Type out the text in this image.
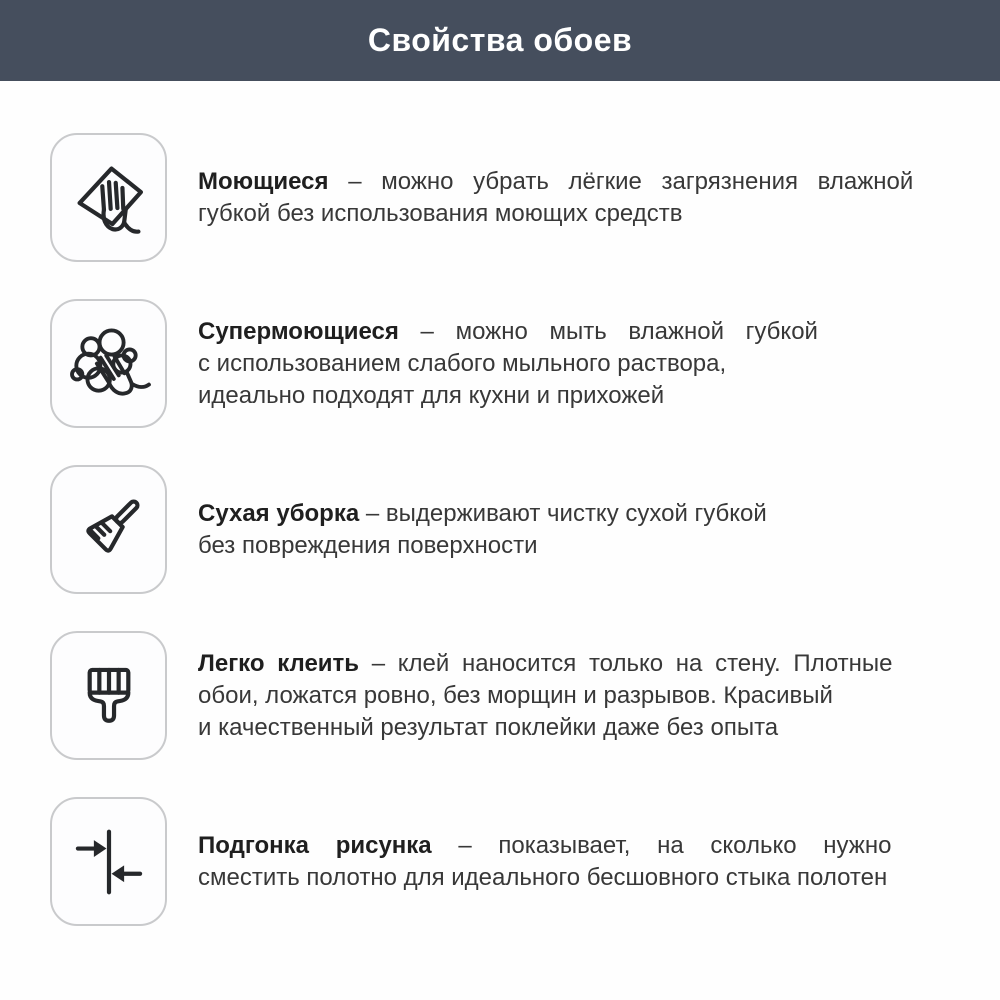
Свойства обоев
Моющиеся – можно убрать лёгкие загрязнения влажной
губкой без использования моющих средств
Супермоющиеся – можно мыть влажной губкой
с использованием слабого мыльного раствора,
идеально подходят для кухни и прихожей
Сухая уборка – выдерживают чистку сухой губкой
без повреждения поверхности
Легко клеить – клей наносится только на стену. Плотные
обои, ложатся ровно, без морщин и разрывов. Красивый
и качественный результат поклейки даже без опыта
Подгонка рисунка – показывает, на сколько нужно
сместить полотно для идеального бесшовного стыка полотен
